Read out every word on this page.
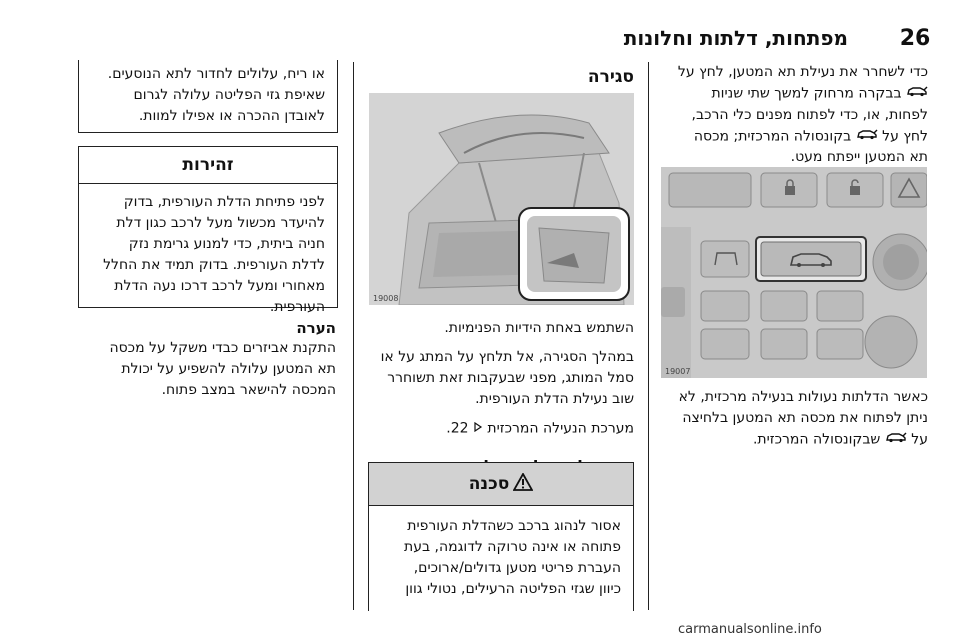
26
מפתחות, דלתות וחלונות

כדי לשחרר את נעילת תא המטען, לחץ על
בבקרה מרחוק למשך שתי שניות
לפחות, או, כדי לפתוח מפנים כלי הרכב,
לחץ על  בקונסולה המרכזית; מכסה
תא המטען ייפתח מעט.

19007

כאשר הדלתות נעולות בנעילה מרכזית, לא
ניתן לפתוח את מכסה תא המטען בלחיצה
על  שבקונסולה המרכזית.

סגירה
19008

השתמש באחת הידיות הפנימיות.

במהלך הסגירה, אל תלחץ על המתג על או
סמל המותג, מפני שבעקבות זאת תשוחרר
שוב נעילת הדלת העורפית.

מערכת הנעילה המרכזית  22.

סכנה

אסור לנהוג ברכב כשהדלת העורפית
פתוחה או אינה טרוקה לדוגמה, בעת
העברת פריטי מטען גדולים/ארוכים,
כיוון שגזי הפליטה הרעילים, נטולי גוון

או ריח, עלולים לחדור לתא הנוסעים.
שאיפת גזי הפליטה עלולה לגרום
לאובדן ההכרה או אפילו למוות.

זהירות

לפני פתיחת הדלת העורפית, בדוק
להיעדר מכשול מעל לרכב כגון דלת
חניה ביתית, כדי למנוע גרימת נזק
לדלת העורפית. בדוק תמיד את החלל
מאחורי ומעל לרכב דרכו נעה הדלת
העורפית.

הערה

התקנת אביזרים כבדי משקל על מכסה
תא המטען עלולה להשפיע על יכולת
המכסה להישאר במצב פתוח.

carmanualsonline.info
